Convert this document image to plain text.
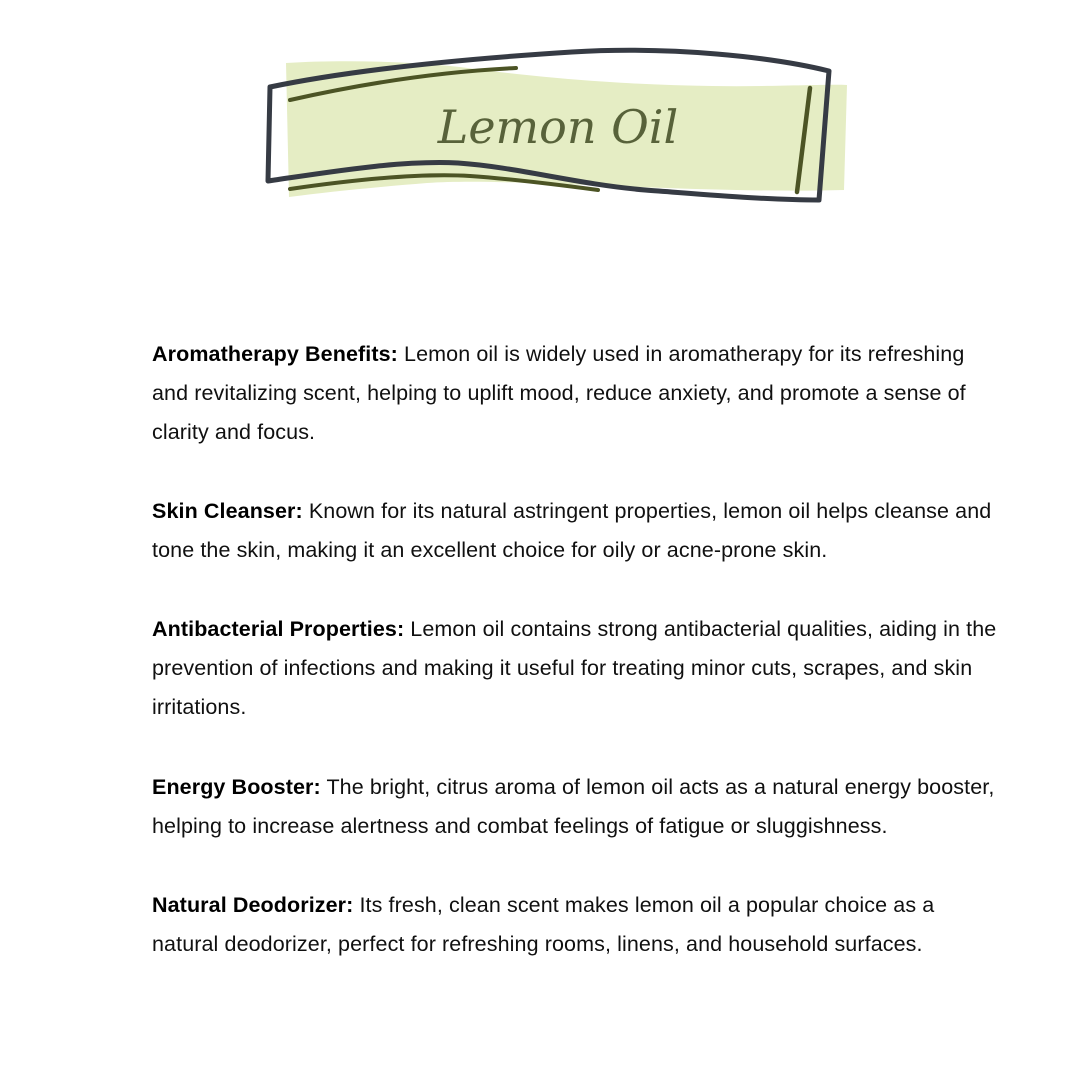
Lemon Oil

Aromatherapy Benefits: Lemon oil is widely used in aromatherapy for its refreshing and revitalizing scent, helping to uplift mood, reduce anxiety, and promote a sense of clarity and focus.

Skin Cleanser: Known for its natural astringent properties, lemon oil helps cleanse and tone the skin, making it an excellent choice for oily or acne-prone skin.

Antibacterial Properties: Lemon oil contains strong antibacterial qualities, aiding in the prevention of infections and making it useful for treating minor cuts, scrapes, and skin irritations.

Energy Booster: The bright, citrus aroma of lemon oil acts as a natural energy booster, helping to increase alertness and combat feelings of fatigue or sluggishness.

Natural Deodorizer: Its fresh, clean scent makes lemon oil a popular choice as a natural deodorizer, perfect for refreshing rooms, linens, and household surfaces.
